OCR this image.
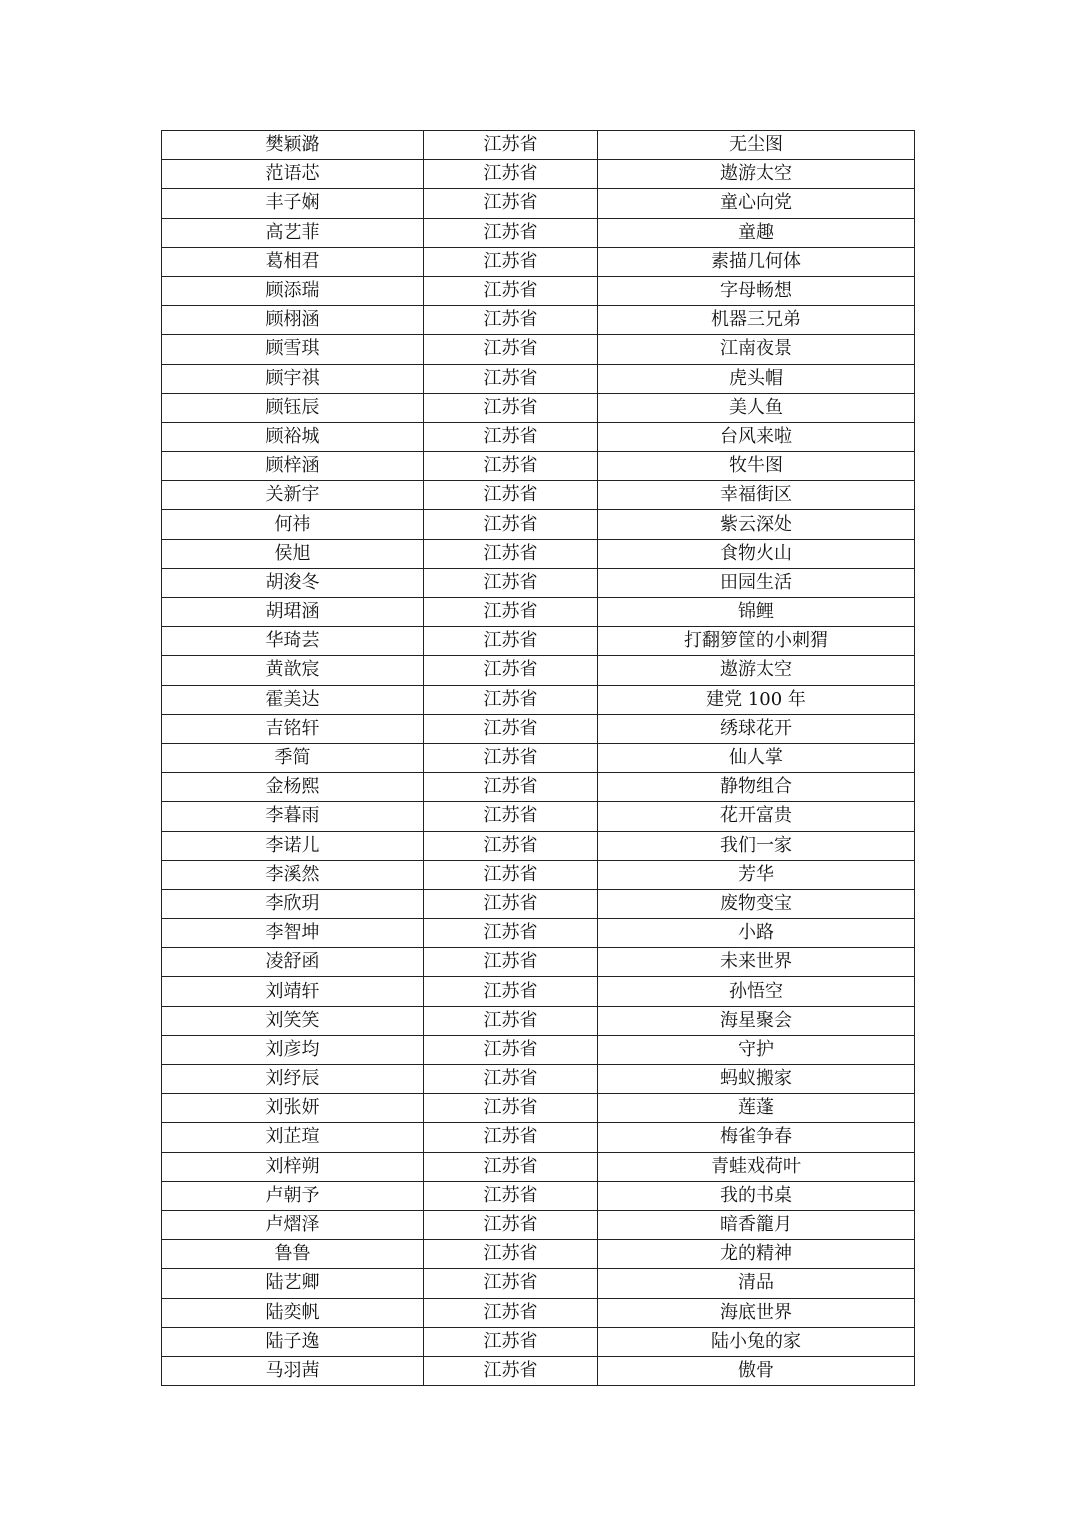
樊颖潞	江苏省	无尘图
范语芯	江苏省	遨游太空
丰子娴	江苏省	童心向党
高艺菲	江苏省	童趣
葛相君	江苏省	素描几何体
顾添瑞	江苏省	字母畅想
顾栩涵	江苏省	机器三兄弟
顾雪琪	江苏省	江南夜景
顾宇祺	江苏省	虎头帽
顾钰辰	江苏省	美人鱼
顾裕城	江苏省	台风来啦
顾梓涵	江苏省	牧牛图
关新宇	江苏省	幸福街区
何祎	江苏省	紫云深处
侯旭	江苏省	食物火山
胡浚冬	江苏省	田园生活
胡珺涵	江苏省	锦鲤
华琦芸	江苏省	打翻箩筐的小刺猬
黄歆宸	江苏省	遨游太空
霍美达	江苏省	建党 100 年
吉铭轩	江苏省	绣球花开
季简	江苏省	仙人掌
金杨熙	江苏省	静物组合
李暮雨	江苏省	花开富贵
李诺儿	江苏省	我们一家
李溪然	江苏省	芳华
李欣玥	江苏省	废物变宝
李智坤	江苏省	小路
凌舒函	江苏省	未来世界
刘靖轩	江苏省	孙悟空
刘笑笑	江苏省	海星聚会
刘彦均	江苏省	守护
刘纾辰	江苏省	蚂蚁搬家
刘张妍	江苏省	莲蓬
刘芷瑄	江苏省	梅雀争春
刘梓朔	江苏省	青蛙戏荷叶
卢朝予	江苏省	我的书桌
卢熠泽	江苏省	暗香籠月
鲁鲁	江苏省	龙的精神
陆艺卿	江苏省	清品
陆奕帆	江苏省	海底世界
陆子逸	江苏省	陆小兔的家
马羽茜	江苏省	傲骨
